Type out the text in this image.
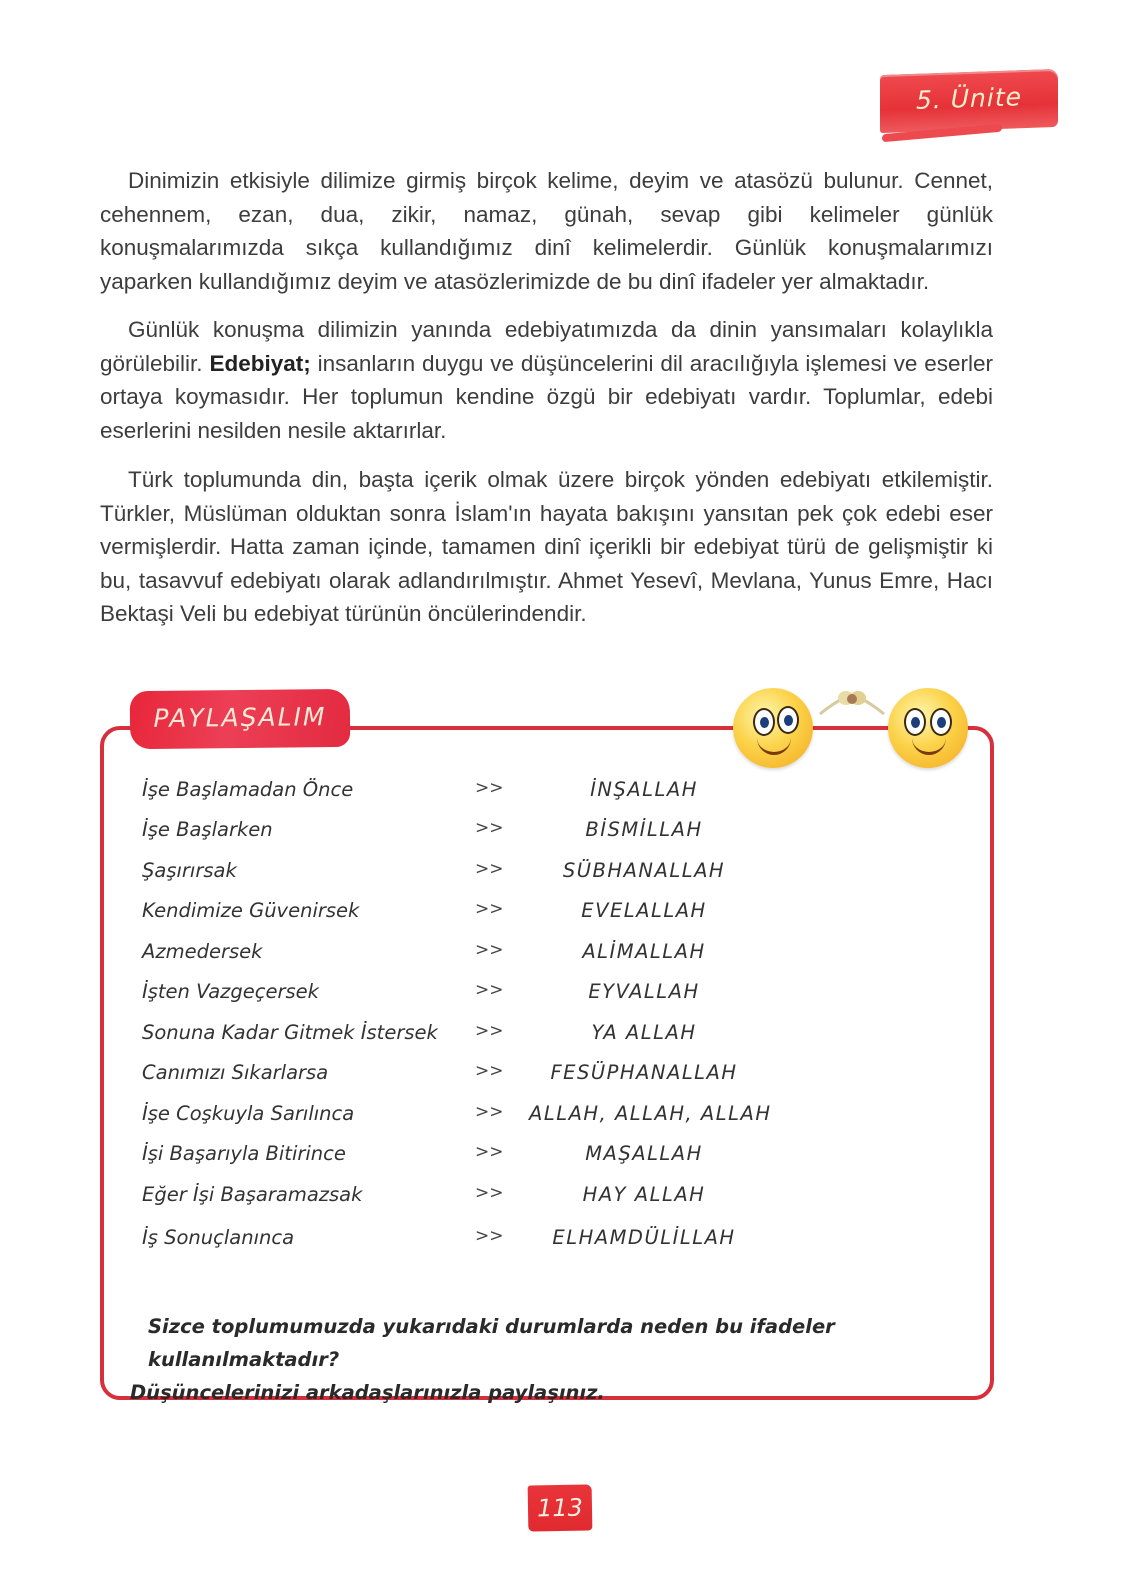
5. Ünite

Dinimizin etkisiyle dilimize girmiş birçok kelime, deyim ve atasözü bulunur. Cennet, cehennem, ezan, dua, zikir, namaz, günah, sevap gibi kelimeler günlük konuşmalarımızda sıkça kullandığımız dinî kelimelerdir. Günlük konuşmalarımızı yaparken kullandığımız deyim ve atasözlerimizde de bu dinî ifadeler yer almaktadır.

Günlük konuşma dilimizin yanında edebiyatımızda da dinin yansımaları kolaylıkla görülebilir. Edebiyat; insanların duygu ve düşüncelerini dil aracılığıyla işlemesi ve eserler ortaya koymasıdır. Her toplumun kendine özgü bir edebiyatı vardır. Toplumlar, edebi eserlerini nesilden nesile aktarırlar.

Türk toplumunda din, başta içerik olmak üzere birçok yönden edebiyatı etkilemiştir. Türkler, Müslüman olduktan sonra İslam'ın hayata bakışını yansıtan pek çok edebi eser vermişlerdir. Hatta zaman içinde, tamamen dinî içerikli bir edebiyat türü de gelişmiştir ki bu, tasavvuf edebiyatı olarak adlandırılmıştır. Ahmet Yesevî, Mevlana, Yunus Emre, Hacı Bektaşi Veli bu edebiyat türünün öncülerindendir.

PAYLAŞALIM
İşe Başlamadan Önce	>>	İNŞALLAH
İşe Başlarken	>>	BİSMİLLAH
Şaşırırsak	>>	SÜBHANALLAH
Kendimize Güvenirsek	>>	EVELALLAH
Azmedersek	>>	ALİMALLAH
İşten Vazgeçersek	>>	EYVALLAH
Sonuna Kadar Gitmek İstersek >>	YA ALLAH
Canımızı Sıkarlarsa	>>	FESÜPHANALLAH
İşe Coşkuyla Sarılınca	>> ALLAH, ALLAH, ALLAH
İşi Başarıyla Bitirince	>>	MAŞALLAH
Eğer İşi Başaramazsak	>>	HAY ALLAH
İş Sonuçlanınca	>>	ELHAMDÜLİLLAH
Sizce toplumumuzda yukarıdaki durumlarda neden bu ifadeler kullanılmaktadır?
Düşüncelerinizi arkadaşlarınızla paylaşınız.
113
